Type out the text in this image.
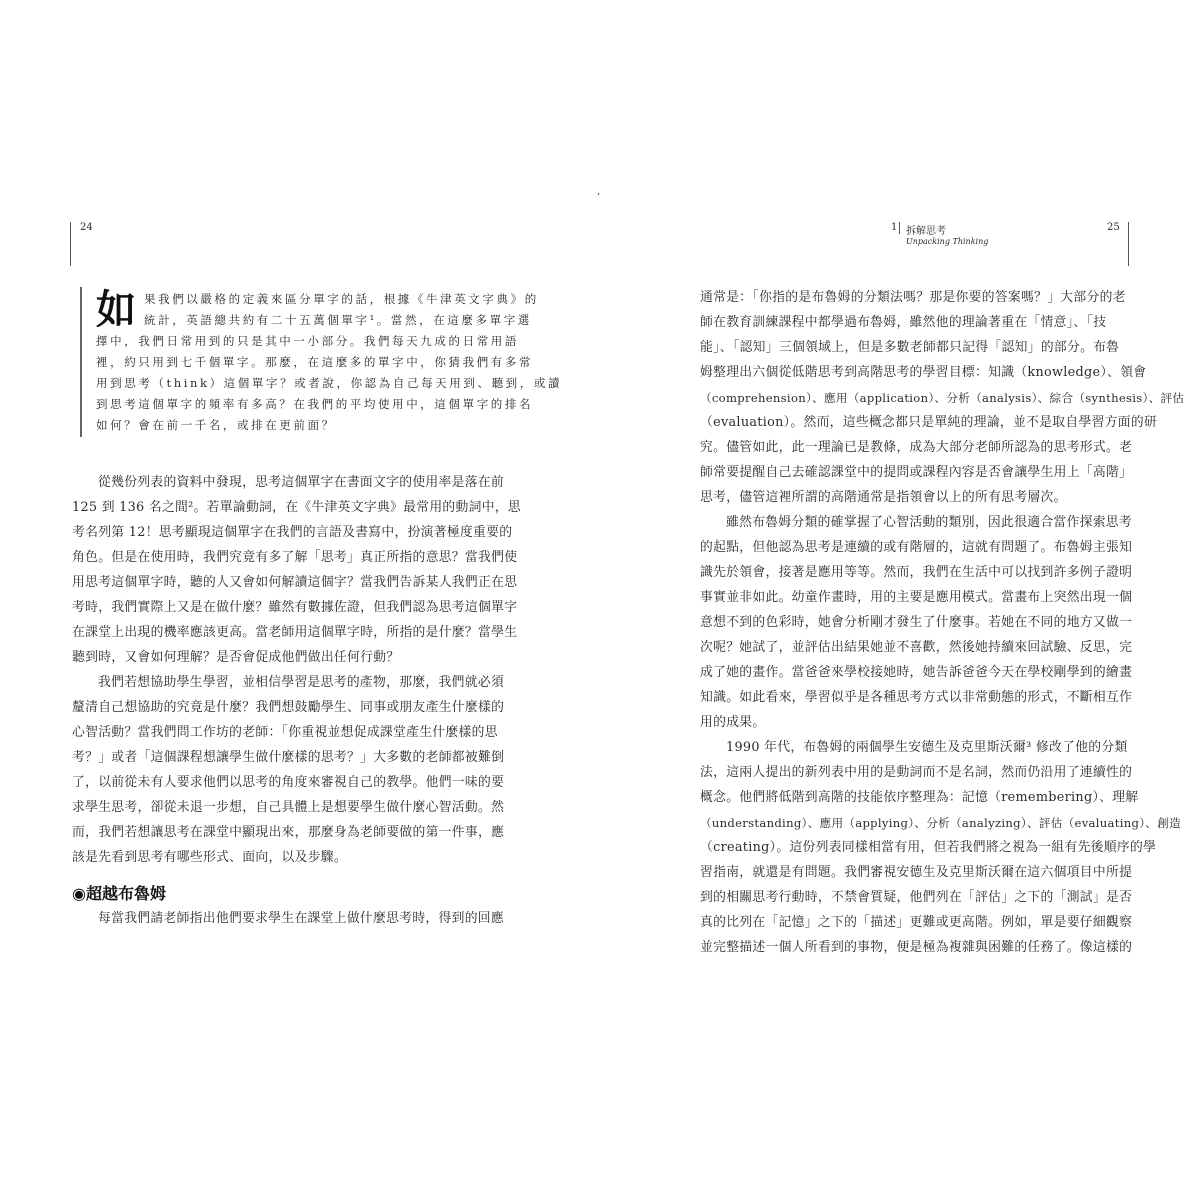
,
24
如 果我們以嚴格的定義來區分單字的話，根據《牛津英文字典》的
統計，英語總共約有二十五萬個單字¹。當然，在這麼多單字選
擇中，我們日常用到的只是其中一小部分。我們每天九成的日常用語
裡，約只用到七千個單字。那麼，在這麼多的單字中，你猜我們有多常
用到思考（think）這個單字？或者說，你認為自己每天用到、聽到，或讀
到思考這個單字的頻率有多高？在我們的平均使用中，這個單字的排名
如何？會在前一千名，或排在更前面？
從幾份列表的資料中發現，思考這個單字在書面文字的使用率是落在前
125 到 136 名之間²。若單論動詞，在《牛津英文字典》最常用的動詞中，思
考名列第 12！思考顯現這個單字在我們的言語及書寫中，扮演著極度重要的
角色。但是在使用時，我們究竟有多了解「思考」真正所指的意思？當我們使
用思考這個單字時，聽的人又會如何解讀這個字？當我們告訴某人我們正在思
考時，我們實際上又是在做什麼？雖然有數據佐證，但我們認為思考這個單字
在課堂上出現的機率應該更高。當老師用這個單字時，所指的是什麼？當學生
聽到時，又會如何理解？是否會促成他們做出任何行動？
我們若想協助學生學習，並相信學習是思考的產物，那麼，我們就必須
釐清自己想協助的究竟是什麼？我們想鼓勵學生、同事或朋友產生什麼樣的
心智活動？當我們問工作坊的老師：「你重視並想促成課堂產生什麼樣的思
考？」或者「這個課程想讓學生做什麼樣的思考？」大多數的老師都被難倒
了，以前從未有人要求他們以思考的角度來審視自己的教學。他們一味的要
求學生思考，卻從未退一步想，自己具體上是想要學生做什麼心智活動。然
而，我們若想讓思考在課堂中顯現出來，那麼身為老師要做的第一件事，應
該是先看到思考有哪些形式、面向，以及步驟。
◉超越布魯姆
每當我們請老師指出他們要求學生在課堂上做什麼思考時，得到的回應
1 拆解思考
Unpacking Thinking
25
通常是：「你指的是布魯姆的分類法嗎？那是你要的答案嗎？」大部分的老
師在教育訓練課程中都學過布魯姆，雖然他的理論著重在「情意」、「技
能」、「認知」三個領域上，但是多數老師都只記得「認知」的部分。布魯
姆整理出六個從低階思考到高階思考的學習目標：知識（knowledge）、領會
（comprehension）、應用（application）、分析（analysis）、綜合（synthesis）、評估
（evaluation）。然而，這些概念都只是單純的理論，並不是取自學習方面的研
究。儘管如此，此一理論已是教條，成為大部分老師所認為的思考形式。老
師常要提醒自己去確認課堂中的提問或課程內容是否會讓學生用上「高階」
思考，儘管這裡所謂的高階通常是指領會以上的所有思考層次。
雖然布魯姆分類的確掌握了心智活動的類別，因此很適合當作探索思考
的起點，但他認為思考是連續的或有階層的，這就有問題了。布魯姆主張知
識先於領會，接著是應用等等。然而，我們在生活中可以找到許多例子證明
事實並非如此。幼童作畫時，用的主要是應用模式。當畫布上突然出現一個
意想不到的色彩時，她會分析剛才發生了什麼事。若她在不同的地方又做一
次呢？她試了，並評估出結果她並不喜歡，然後她持續來回試驗、反思，完
成了她的畫作。當爸爸來學校接她時，她告訴爸爸今天在學校剛學到的繪畫
知識。如此看來，學習似乎是各種思考方式以非常動態的形式，不斷相互作
用的成果。
1990 年代，布魯姆的兩個學生安德生及克里斯沃爾³ 修改了他的分類
法，這兩人提出的新列表中用的是動詞而不是名詞，然而仍沿用了連續性的
概念。他們將低階到高階的技能依序整理為：記憶（remembering）、理解
（understanding）、應用（applying）、分析（analyzing）、評估（evaluating）、創造
（creating）。這份列表同樣相當有用，但若我們將之視為一組有先後順序的學
習指南，就還是有問題。我們審視安德生及克里斯沃爾在這六個項目中所提
到的相關思考行動時，不禁會質疑，他們列在「評估」之下的「測試」是否
真的比列在「記憶」之下的「描述」更難或更高階。例如，單是要仔細觀察
並完整描述一個人所看到的事物，便是極為複雜與困難的任務了。像這樣的
